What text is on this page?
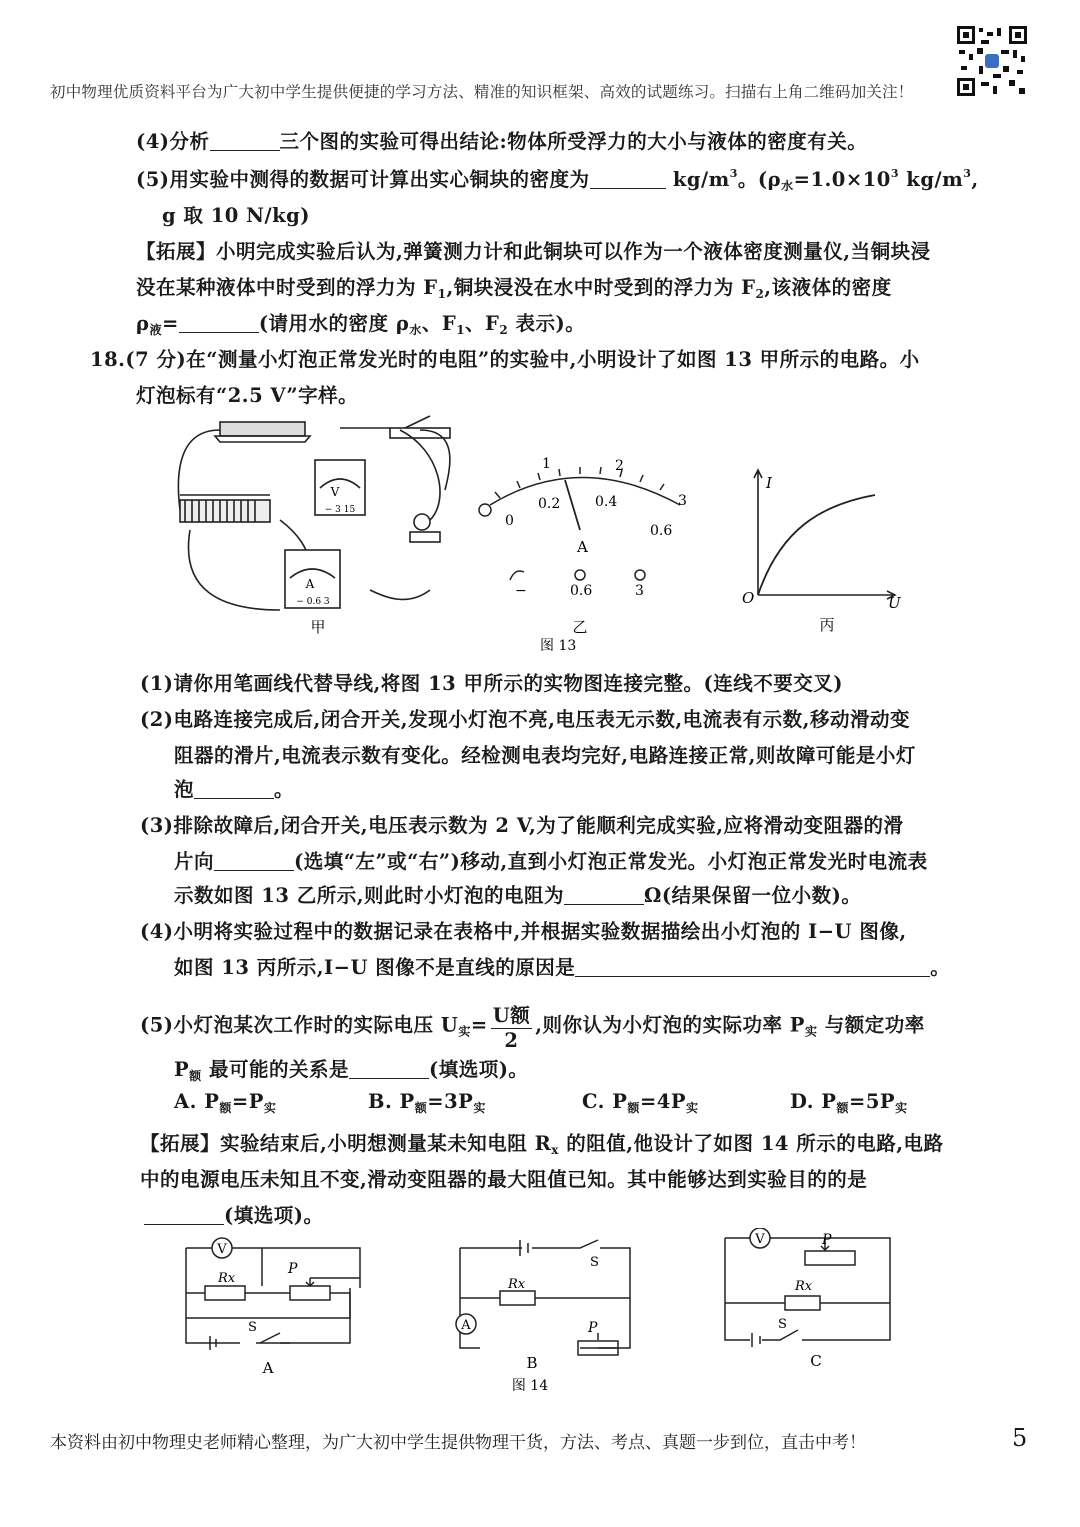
初中物理优质资料平台为广大初中学生提供便捷的学习方法、精准的知识框架、高效的试题练习。扫描右上角二维码加关注！
(4)分析	三个图的实验可得出结论:物体所受浮力的大小与液体的密度有关。
(5)用实验中测得的数据可计算出实心铜块的密度为	$kg/m^3$。($\rho_水=1.0\times 10^3$ $kg/m^3$,
g 取 10 N/kg)
【拓展】小明完成实验后认为,弹簧测力计和此铜块可以作为一个液体密度测量仪,当铜块浸
没在某种液体中时受到的浮力为 $F_1$,铜块浸没在水中时受到的浮力为 $F_2$,该液体的密度
$\rho_液=$	(请用水的密度 $\rho_水$、$F_1$、$F_2$ 表示)。
18.(7 分)在“测量小灯泡正常发光时的电阻”的实验中,小明设计了如图 13 甲所示的电路。小
灯泡标有“2.5 V”字样。
(1)请你用笔画线代替导线,将图 13 甲所示的实物图连接完整。(连线不要交叉)
(2)电路连接完成后,闭合开关,发现小灯泡不亮,电压表无示数,电流表有示数,移动滑动变
阻器的滑片,电流表示数有变化。经检测电表均完好,电路连接正常,则故障可能是小灯
泡	。
(3)排除故障后,闭合开关,电压表示数为 2 V,为了能顺利完成实验,应将滑动变阻器的滑
片向	(选填“左”或“右”)移动,直到小灯泡正常发光。小灯泡正常发光时电流表
示数如图 13 乙所示,则此时小灯泡的电阻为	Ω(结果保留一位小数)。
(4)小明将实验过程中的数据记录在表格中,并根据实验数据描绘出小灯泡的 I−U 图像,
如图 13 丙所示,I−U 图像不是直线的原因是	。
(5)小灯泡某次工作时的实际电压 $U_实= \frac{\text{U额}}{2}$ ,则你认为小灯泡的实际功率 $P_实$ 与额定功率
$P_额$ 最可能的关系是	(填选项)。
A. $P_额=P_实$	B. $P_额=3P_实$	C. $P_额=4P_实$	D. $P_额=5P_实$
【拓展】实验结束后,小明想测量某未知电阻 $R_x$ 的阻值,他设计了如图 14 所示的电路,电路
中的电源电压未知且不变,滑动变阻器的最大阻值已知。其中能够达到实验目的的是
(填选项)。
V
− 3 15
A
− 0.6 3
甲
0
1	2
3
0.2 0.4
0.6
A
−	0.6	3
乙
图 13
I
U
O
丙
V
Rx
P
S
A
S
Rx
A	P
B
图 14
V	P
Rx
S
C
本资料由初中物理史老师精心整理，为广大初中学生提供物理干货，方法、考点、真题一步到位，直击中考！	5
